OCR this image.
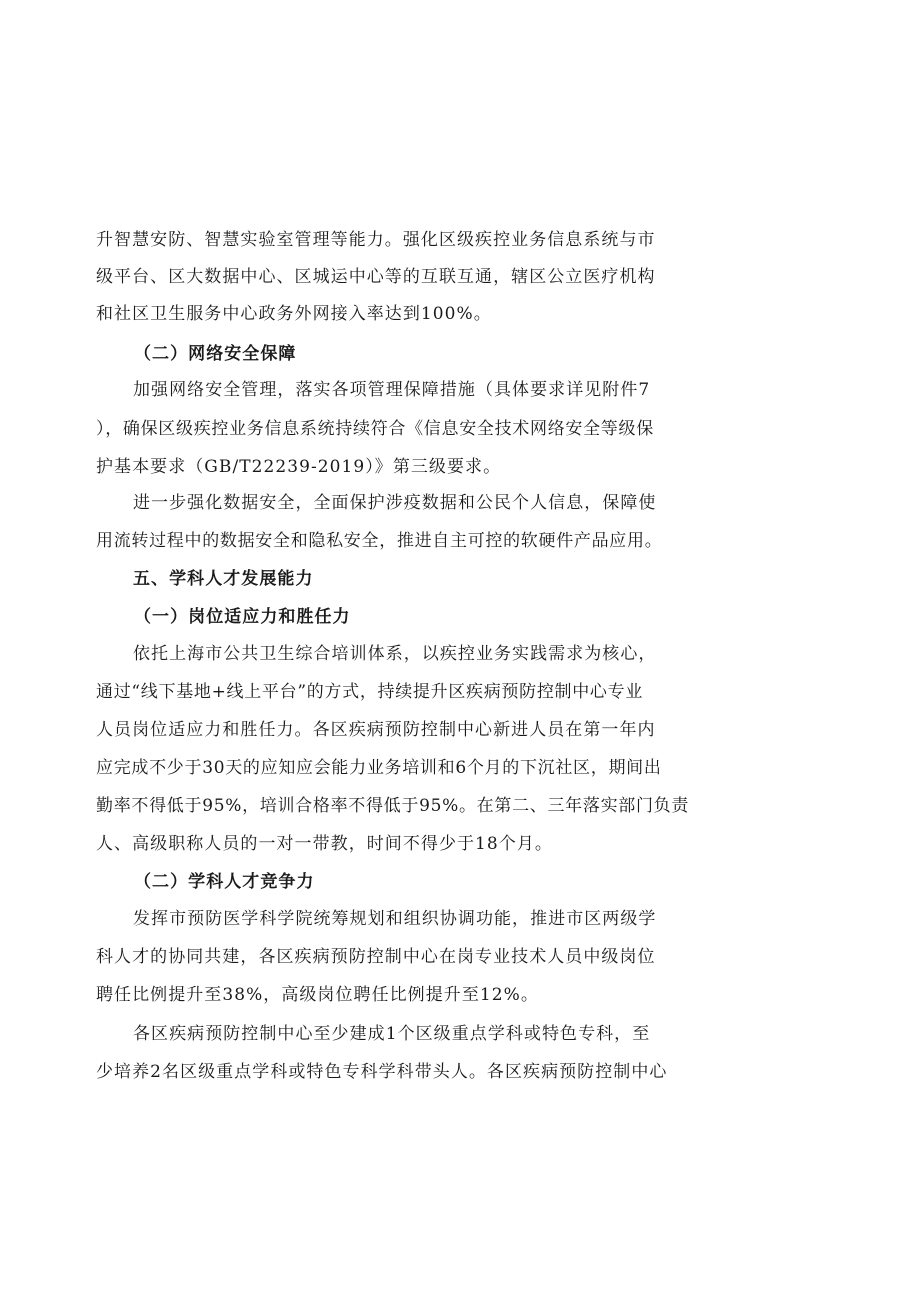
升智慧安防、智慧实验室管理等能力。强化区级疾控业务信息系统与市
级平台、区大数据中心、区城运中心等的互联互通，辖区公立医疗机构
和社区卫生服务中心政务外网接入率达到100%。
（二）网络安全保障
加强网络安全管理，落实各项管理保障措施（具体要求详见附件7
），确保区级疾控业务信息系统持续符合《信息安全技术网络安全等级保
护基本要求（GB/T22239-2019）》第三级要求。
进一步强化数据安全，全面保护涉疫数据和公民个人信息，保障使
用流转过程中的数据安全和隐私安全，推进自主可控的软硬件产品应用。
五、学科人才发展能力
（一）岗位适应力和胜任力
依托上海市公共卫生综合培训体系，以疾控业务实践需求为核心，
通过“线下基地+线上平台”的方式，持续提升区疾病预防控制中心专业
人员岗位适应力和胜任力。各区疾病预防控制中心新进人员在第一年内
应完成不少于30天的应知应会能力业务培训和6个月的下沉社区，期间出
勤率不得低于95%，培训合格率不得低于95%。在第二、三年落实部门负责
人、高级职称人员的一对一带教，时间不得少于18个月。
（二）学科人才竞争力
发挥市预防医学科学院统筹规划和组织协调功能，推进市区两级学
科人才的协同共建，各区疾病预防控制中心在岗专业技术人员中级岗位
聘任比例提升至38%，高级岗位聘任比例提升至12%。
各区疾病预防控制中心至少建成1个区级重点学科或特色专科，至
少培养2名区级重点学科或特色专科学科带头人。各区疾病预防控制中心
